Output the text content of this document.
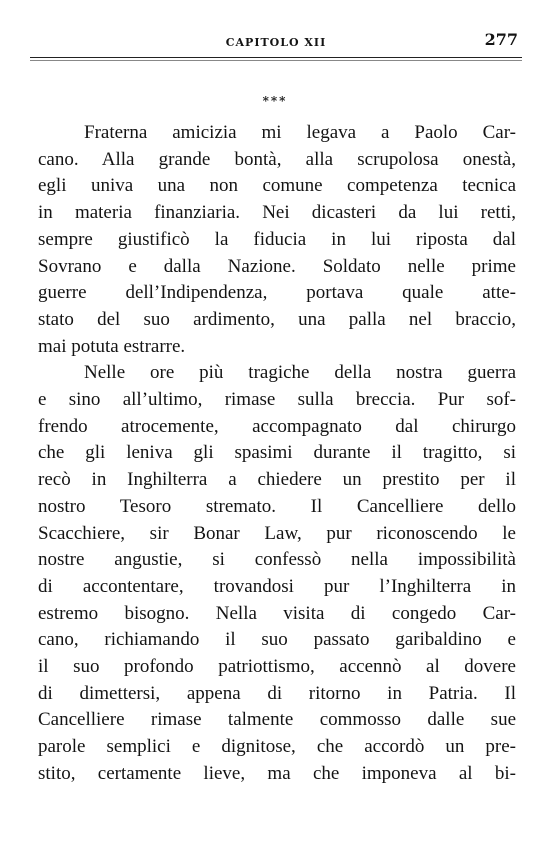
CAPITOLO XII	277
***
Fraterna amicizia mi legava a Paolo Car-
cano. Alla grande bontà, alla scrupolosa onestà,
egli univa una non comune competenza tecnica
in materia finanziaria. Nei dicasteri da lui retti,
sempre giustificò la fiducia in lui riposta dal
Sovrano e dalla Nazione. Soldato nelle prime
guerre dell’Indipendenza, portava quale atte-
stato del suo ardimento, una palla nel braccio,
mai potuta estrarre.
Nelle ore più tragiche della nostra guerra
e sino all’ultimo, rimase sulla breccia. Pur sof-
frendo atrocemente, accompagnato dal chirurgo
che gli leniva gli spasimi durante il tragitto, si
recò in Inghilterra a chiedere un prestito per il
nostro Tesoro stremato. Il Cancelliere dello
Scacchiere, sir Bonar Law, pur riconoscendo le
nostre angustie, si confessò nella impossibilità
di accontentare, trovandosi pur l’Inghilterra in
estremo bisogno. Nella visita di congedo Car-
cano, richiamando il suo passato garibaldino e
il suo profondo patriottismo, accennò al dovere
di dimettersi, appena di ritorno in Patria. Il
Cancelliere rimase talmente commosso dalle sue
parole semplici e dignitose, che accordò un pre-
stito, certamente lieve, ma che imponeva al bi-
